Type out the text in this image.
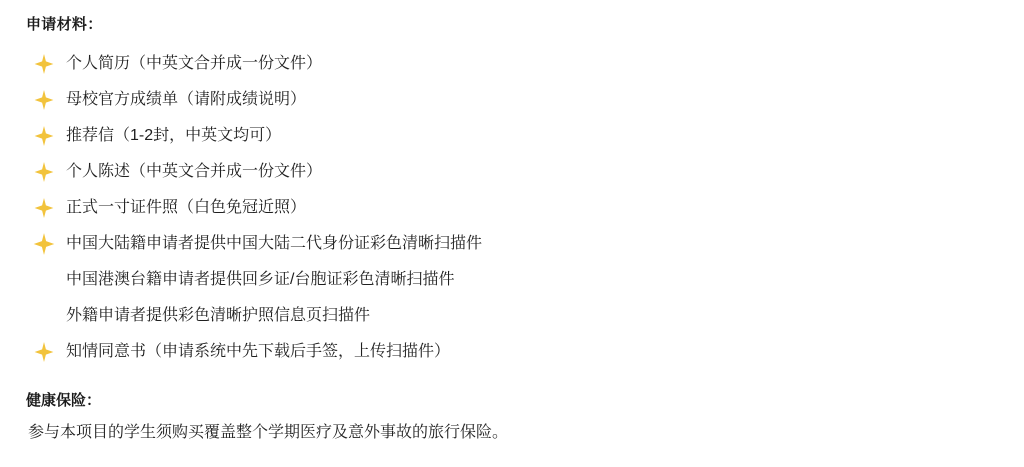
申请材料：
个人简历（中英文合并成一份文件）
母校官方成绩单（请附成绩说明）
推荐信（1-2封，中英文均可）
个人陈述（中英文合并成一份文件）
正式一寸证件照（白色免冠近照）
中国大陆籍申请者提供中国大陆二代身份证彩色清晰扫描件
中国港澳台籍申请者提供回乡证/台胞证彩色清晰扫描件
外籍申请者提供彩色清晰护照信息页扫描件
知情同意书（申请系统中先下载后手签，上传扫描件）
健康保险：
参与本项目的学生须购买覆盖整个学期医疗及意外事故的旅行保险。
